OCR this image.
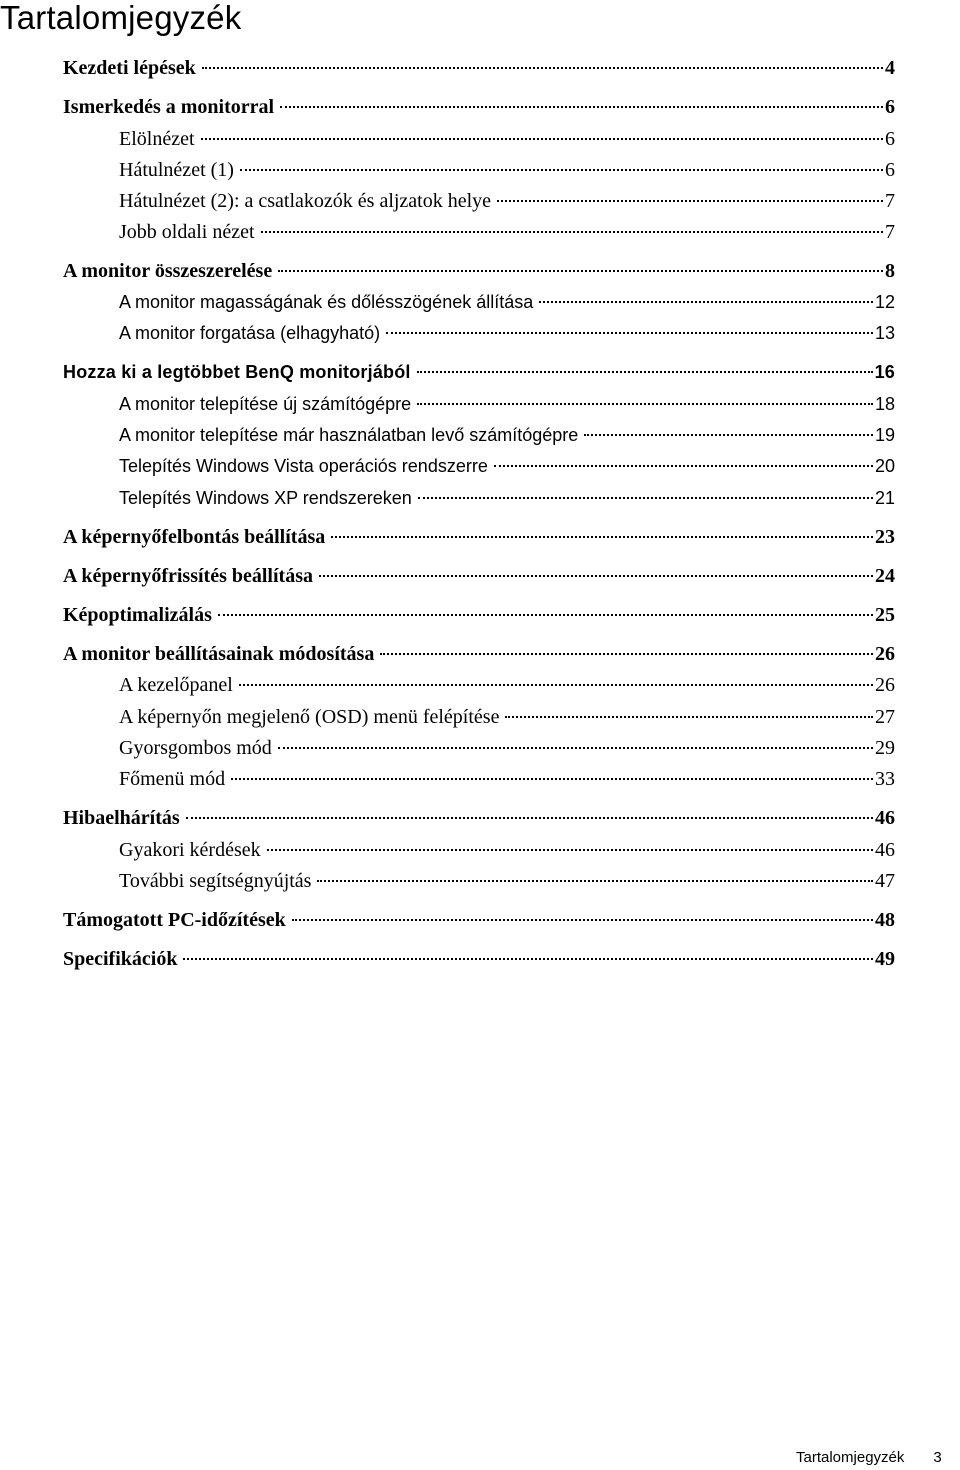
Tartalomjegyzék
Kezdeti lépések	4
Ismerkedés a monitorral	6
Elölnézet	6
Hátulnézet (1)	6
Hátulnézet (2): a csatlakozók és aljzatok helye	7
Jobb oldali nézet	7
A monitor összeszerelése	8
A monitor magasságának és dőlésszögének állítása	12
A monitor forgatása (elhagyható)	13
Hozza ki a legtöbbet BenQ monitorjából	16
A monitor telepítése új számítógépre	18
A monitor telepítése már használatban levő számítógépre	19
Telepítés Windows Vista operációs rendszerre	20
Telepítés Windows XP rendszereken	21
A képernyőfelbontás beállítása	23
A képernyőfrissítés beállítása	24
Képoptimalizálás	25
A monitor beállításainak módosítása	26
A kezelőpanel	26
A képernyőn megjelenő (OSD) menü felépítése	27
Gyorsgombos mód	29
Főmenü mód	33
Hibaelhárítás	46
Gyakori kérdések	46
További segítségnyújtás	47
Támogatott PC-időzítések	48
Specifikációk	49
Tartalomjegyzék 3
